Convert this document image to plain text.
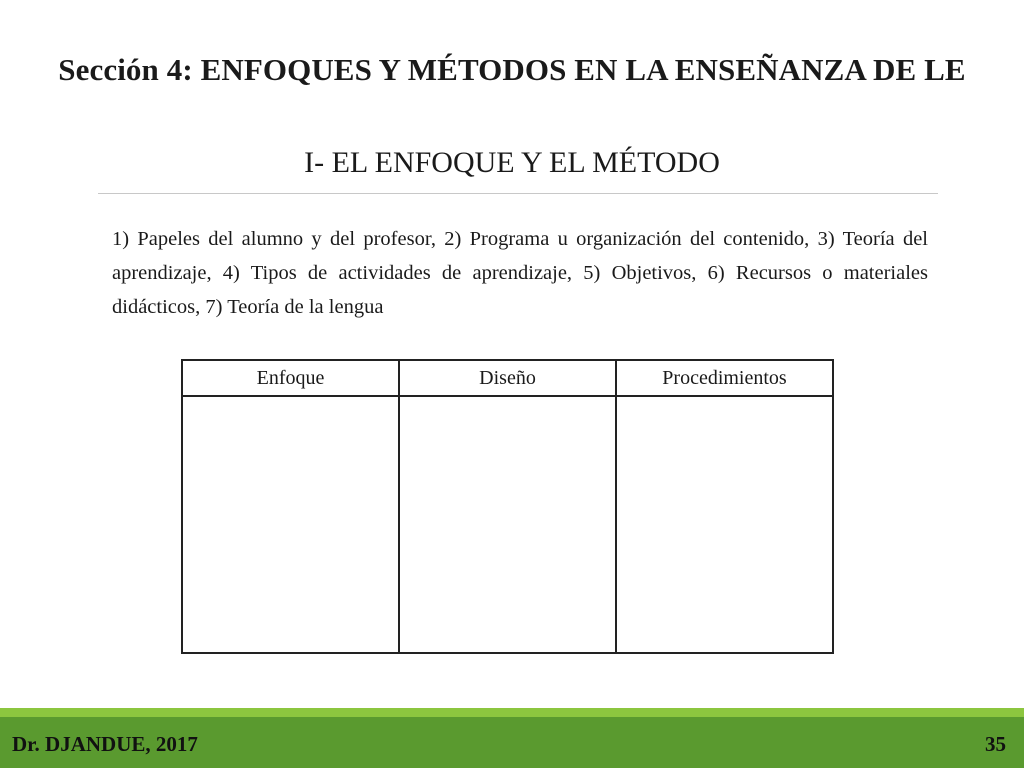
Sección 4: ENFOQUES Y MÉTODOS EN LA ENSEÑANZA DE LE
I- EL ENFOQUE Y EL MÉTODO
1) Papeles del alumno y del profesor, 2) Programa u organización del contenido, 3) Teoría del aprendizaje, 4) Tipos de actividades de aprendizaje, 5) Objetivos, 6) Recursos o materiales didácticos, 7) Teoría de la lengua
Enfoque	Diseño	Procedimientos

Dr. DJANDUE, 2017	35
